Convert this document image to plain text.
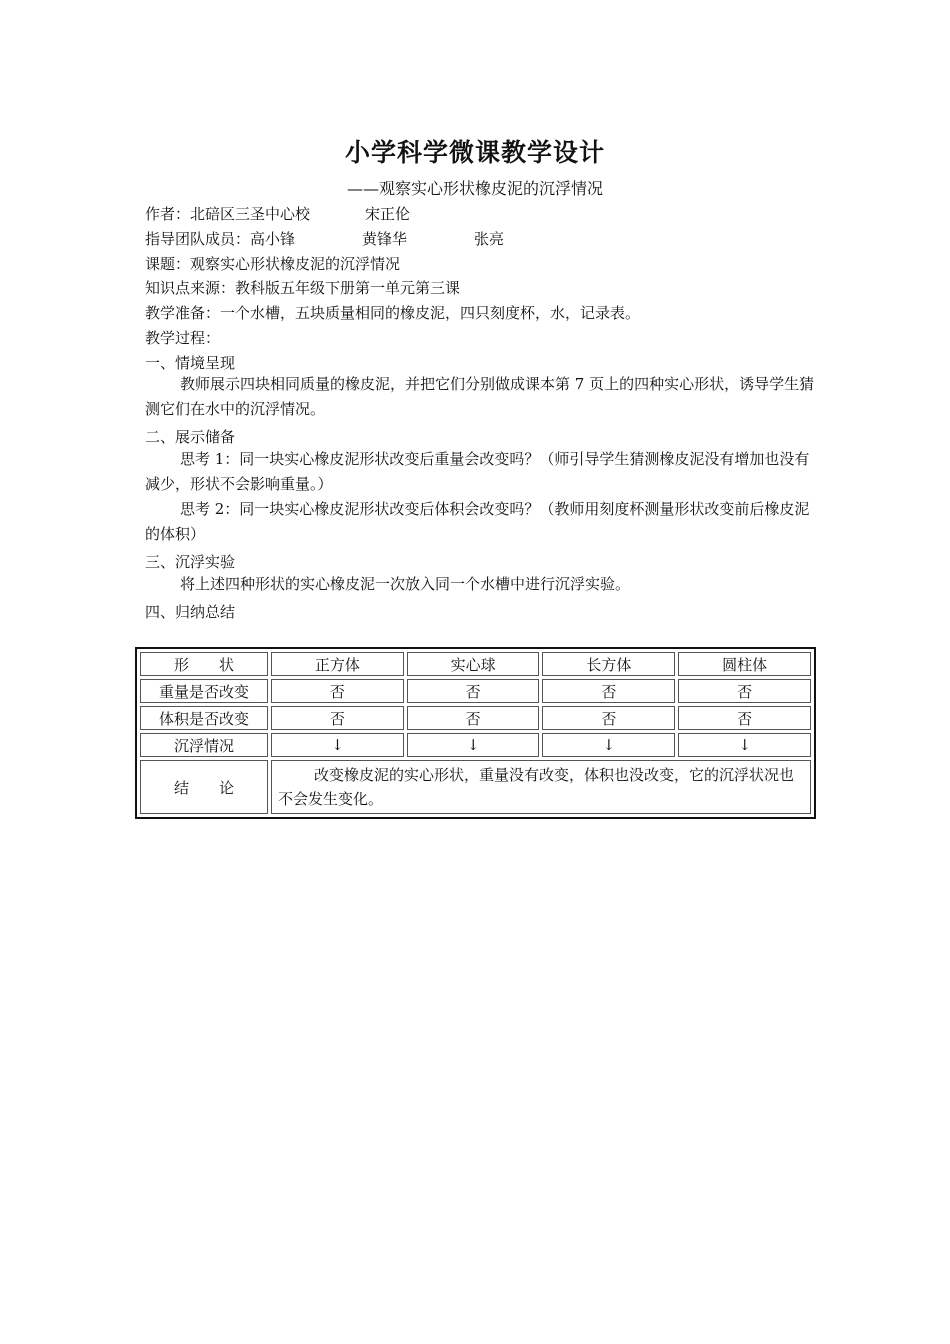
小学科学微课教学设计
——观察实心形状橡皮泥的沉浮情况
作者：北碚区三圣中心校	宋正伦
指导团队成员：高小锋	黄锋华	张亮
课题：观察实心形状橡皮泥的沉浮情况
知识点来源：教科版五年级下册第一单元第三课
教学准备：一个水槽，五块质量相同的橡皮泥，四只刻度杯，水，记录表。
教学过程：
一、情境呈现
教师展示四块相同质量的橡皮泥，并把它们分别做成课本第 7 页上的四种实心形状，诱导学生猜测它们在水中的沉浮情况。
二、展示储备
思考 1：同一块实心橡皮泥形状改变后重量会改变吗？（师引导学生猜测橡皮泥没有增加也没有减少，形状不会影响重量。）
思考 2：同一块实心橡皮泥形状改变后体积会改变吗？（教师用刻度杯测量形状改变前后橡皮泥的体积）
三、沉浮实验
将上述四种形状的实心橡皮泥一次放入同一个水槽中进行沉浮实验。
四、归纳总结
形　　状	正方体	实心球	长方体	圆柱体
重量是否改变	否	否	否	否
体积是否改变	否	否	否	否
沉浮情况	↓	↓	↓	↓
结　　论	改变橡皮泥的实心形状，重量没有改变，体积也没改变，它的沉浮状况也不会发生变化。			
